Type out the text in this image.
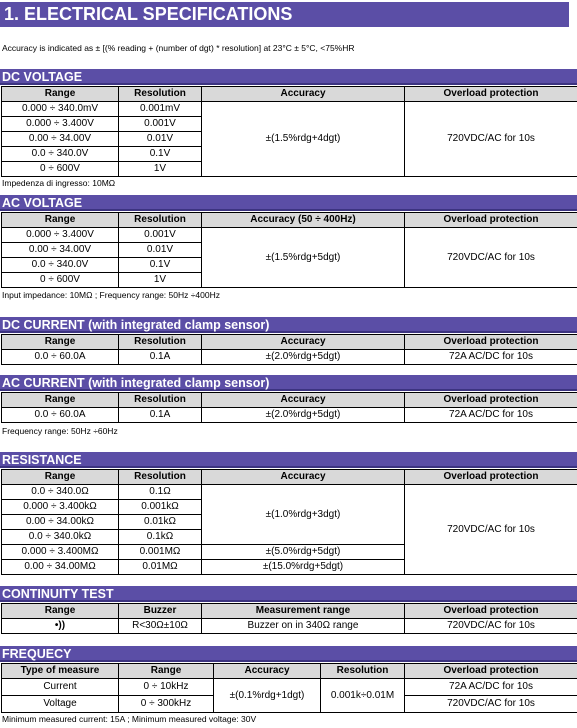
1. ELECTRICAL SPECIFICATIONS
Accuracy is indicated as ± [(% reading + (number of dgt) * resolution] at 23°C ± 5°C, <75%HR
DC VOLTAGE
Range	Resolution	Accuracy	Overload protection
0.000 ÷ 340.0mV	0.001mV	±(1.5%rdg+4dgt)	720VDC/AC for 10s
0.000 ÷ 3.400V	0.001V		
0.00 ÷ 34.00V	0.01V		
0.0 ÷ 340.0V	0.1V		
0 ÷ 600V	1V		
Impedenza di ingresso: 10MΩ
AC VOLTAGE
Range	Resolution	Accuracy (50 ÷ 400Hz)	Overload protection
0.000 ÷ 3.400V	0.001V	±(1.5%rdg+5dgt)	720VDC/AC for 10s
0.00 ÷ 34.00V	0.01V		
0.0 ÷ 340.0V	0.1V		
0 ÷ 600V	1V		
Input impedance: 10MΩ ; Frequency range: 50Hz ÷400Hz
DC CURRENT (with integrated clamp sensor)
Range	Resolution	Accuracy	Overload protection
0.0 ÷ 60.0A	0.1A	±(2.0%rdg+5dgt)	72A AC/DC for 10s
AC CURRENT (with integrated clamp sensor)
Range	Resolution	Accuracy	Overload protection
0.0 ÷ 60.0A	0.1A	±(2.0%rdg+5dgt)	72A AC/DC for 10s
Frequency range: 50Hz ÷60Hz
RESISTANCE
Range	Resolution	Accuracy	Overload protection
0.0 ÷ 340.0Ω	0.1Ω	±(1.0%rdg+3dgt)	720VDC/AC for 10s
0.000 ÷ 3.400kΩ	0.001kΩ		
0.00 ÷ 34.00kΩ	0.01kΩ		
0.0 ÷ 340.0kΩ	0.1kΩ		
0.000 ÷ 3.400MΩ	0.001MΩ	±(5.0%rdg+5dgt)	
0.00 ÷ 34.00MΩ	0.01MΩ	±(15.0%rdg+5dgt)	
CONTINUITY TEST
Range	Buzzer	Measurement range	Overload protection
•))	R<30Ω±10Ω	Buzzer on in 340Ω range	720VDC/AC for 10s
FREQUECY
Type of measure	Range	Accuracy	Resolution	Overload protection
Current	0 ÷ 10kHz	±(0.1%rdg+1dgt)	0.001k÷0.01M	72A AC/DC for 10s
Voltage	0 ÷ 300kHz			720VDC/AC for 10s
Minimum measured current: 15A ; Minimum measured voltage: 30V
